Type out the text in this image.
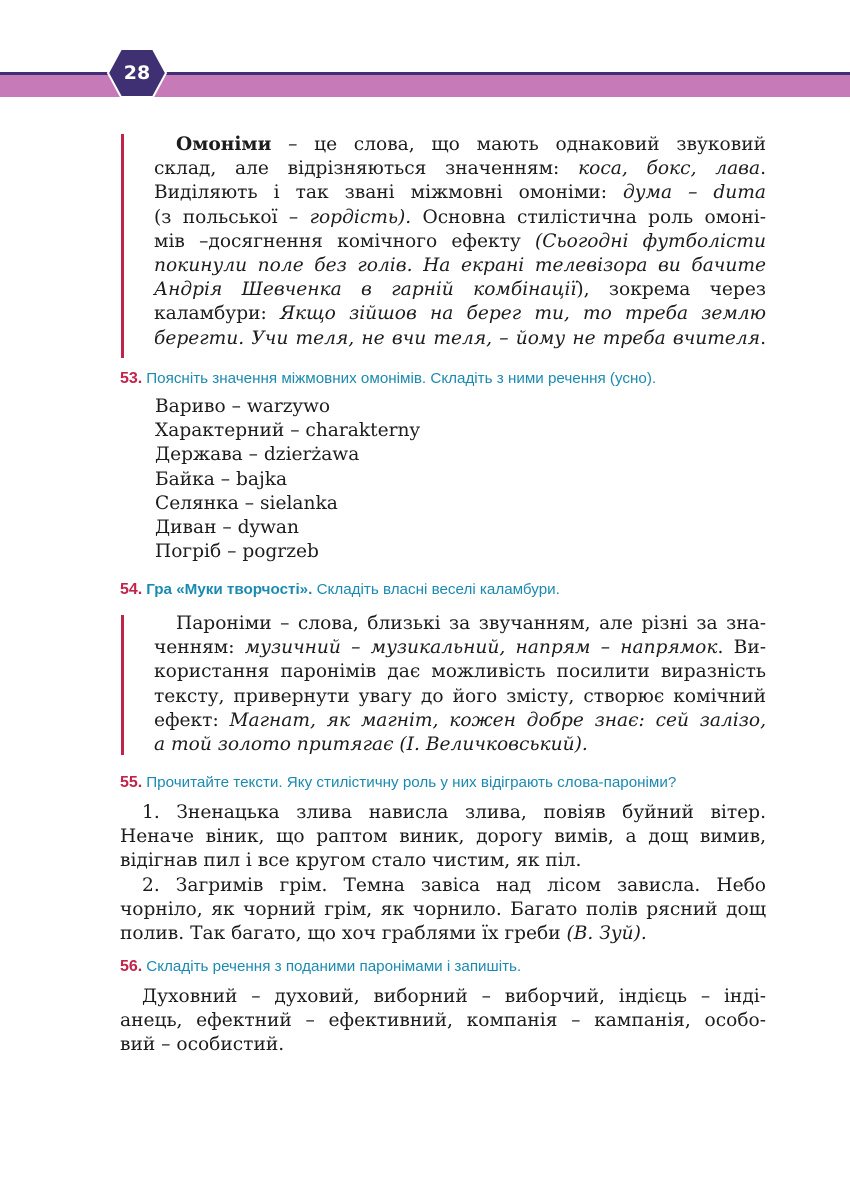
28
Омоніми – це слова, що мають однаковий звуковий
склад, але відрізняються значенням: коса, бокс, лава.
Виділяють і так звані міжмовні омоніми: дума – dиmа
(з польської – гордість). Основна стилістична роль омоні-
мів –досягнення комічного ефекту (Сьогодні футболісти
покинули поле без голів. На екрані телевізора ви бачите
Андрія Шевченка в гарній комбінації), зокрема через
каламбури: Якщо зійшов на берег ти, то треба землю
берегти. Учи теля, не вчи теля, – йому не треба вчителя.
53. Поясніть значення міжмовних омонімів. Складіть з ними речення (усно).
Вариво – warzywo
Характерний – charakterny
Держава – dzierżawa
Байка – bajka
Селянка – sielanka
Диван – dywan
Погріб – pogrzeb
54. Гра «Муки творчості». Складіть власні веселі каламбури.
Пароніми – слова, близькі за звучанням, але різні за зна-
ченням: музичний – музикальний, напрям – напрямок. Ви-
користання паронімів дає можливість посилити виразність
тексту, привернути увагу до його змісту, створює комічний
ефект: Магнат, як магніт, кожен добре знає: сей залізо,
а той золото притягає (І. Величковський).
55. Прочитайте тексти. Яку стилістичну роль у них відіграють слова-пароніми?
1. Зненацька злива нависла злива, повіяв буйний вітер.
Неначе віник, що раптом виник, дорогу вимів, а дощ вимив,
відігнав пил і все кругом стало чистим, як піл.
2. Загримів грім. Темна завіса над лісом зависла. Небо
чорніло, як чорний грім, як чорнило. Багато полів рясний дощ
полив. Так багато, що хоч граблями їх греби (В. Зуй).
56. Складіть речення з поданими паронімами і запишіть.
Духовний – духовий, виборний – виборчий, індієць – інді-
анець, ефектний – ефективний, компанія – кампанія, особо-
вий – особистий.
